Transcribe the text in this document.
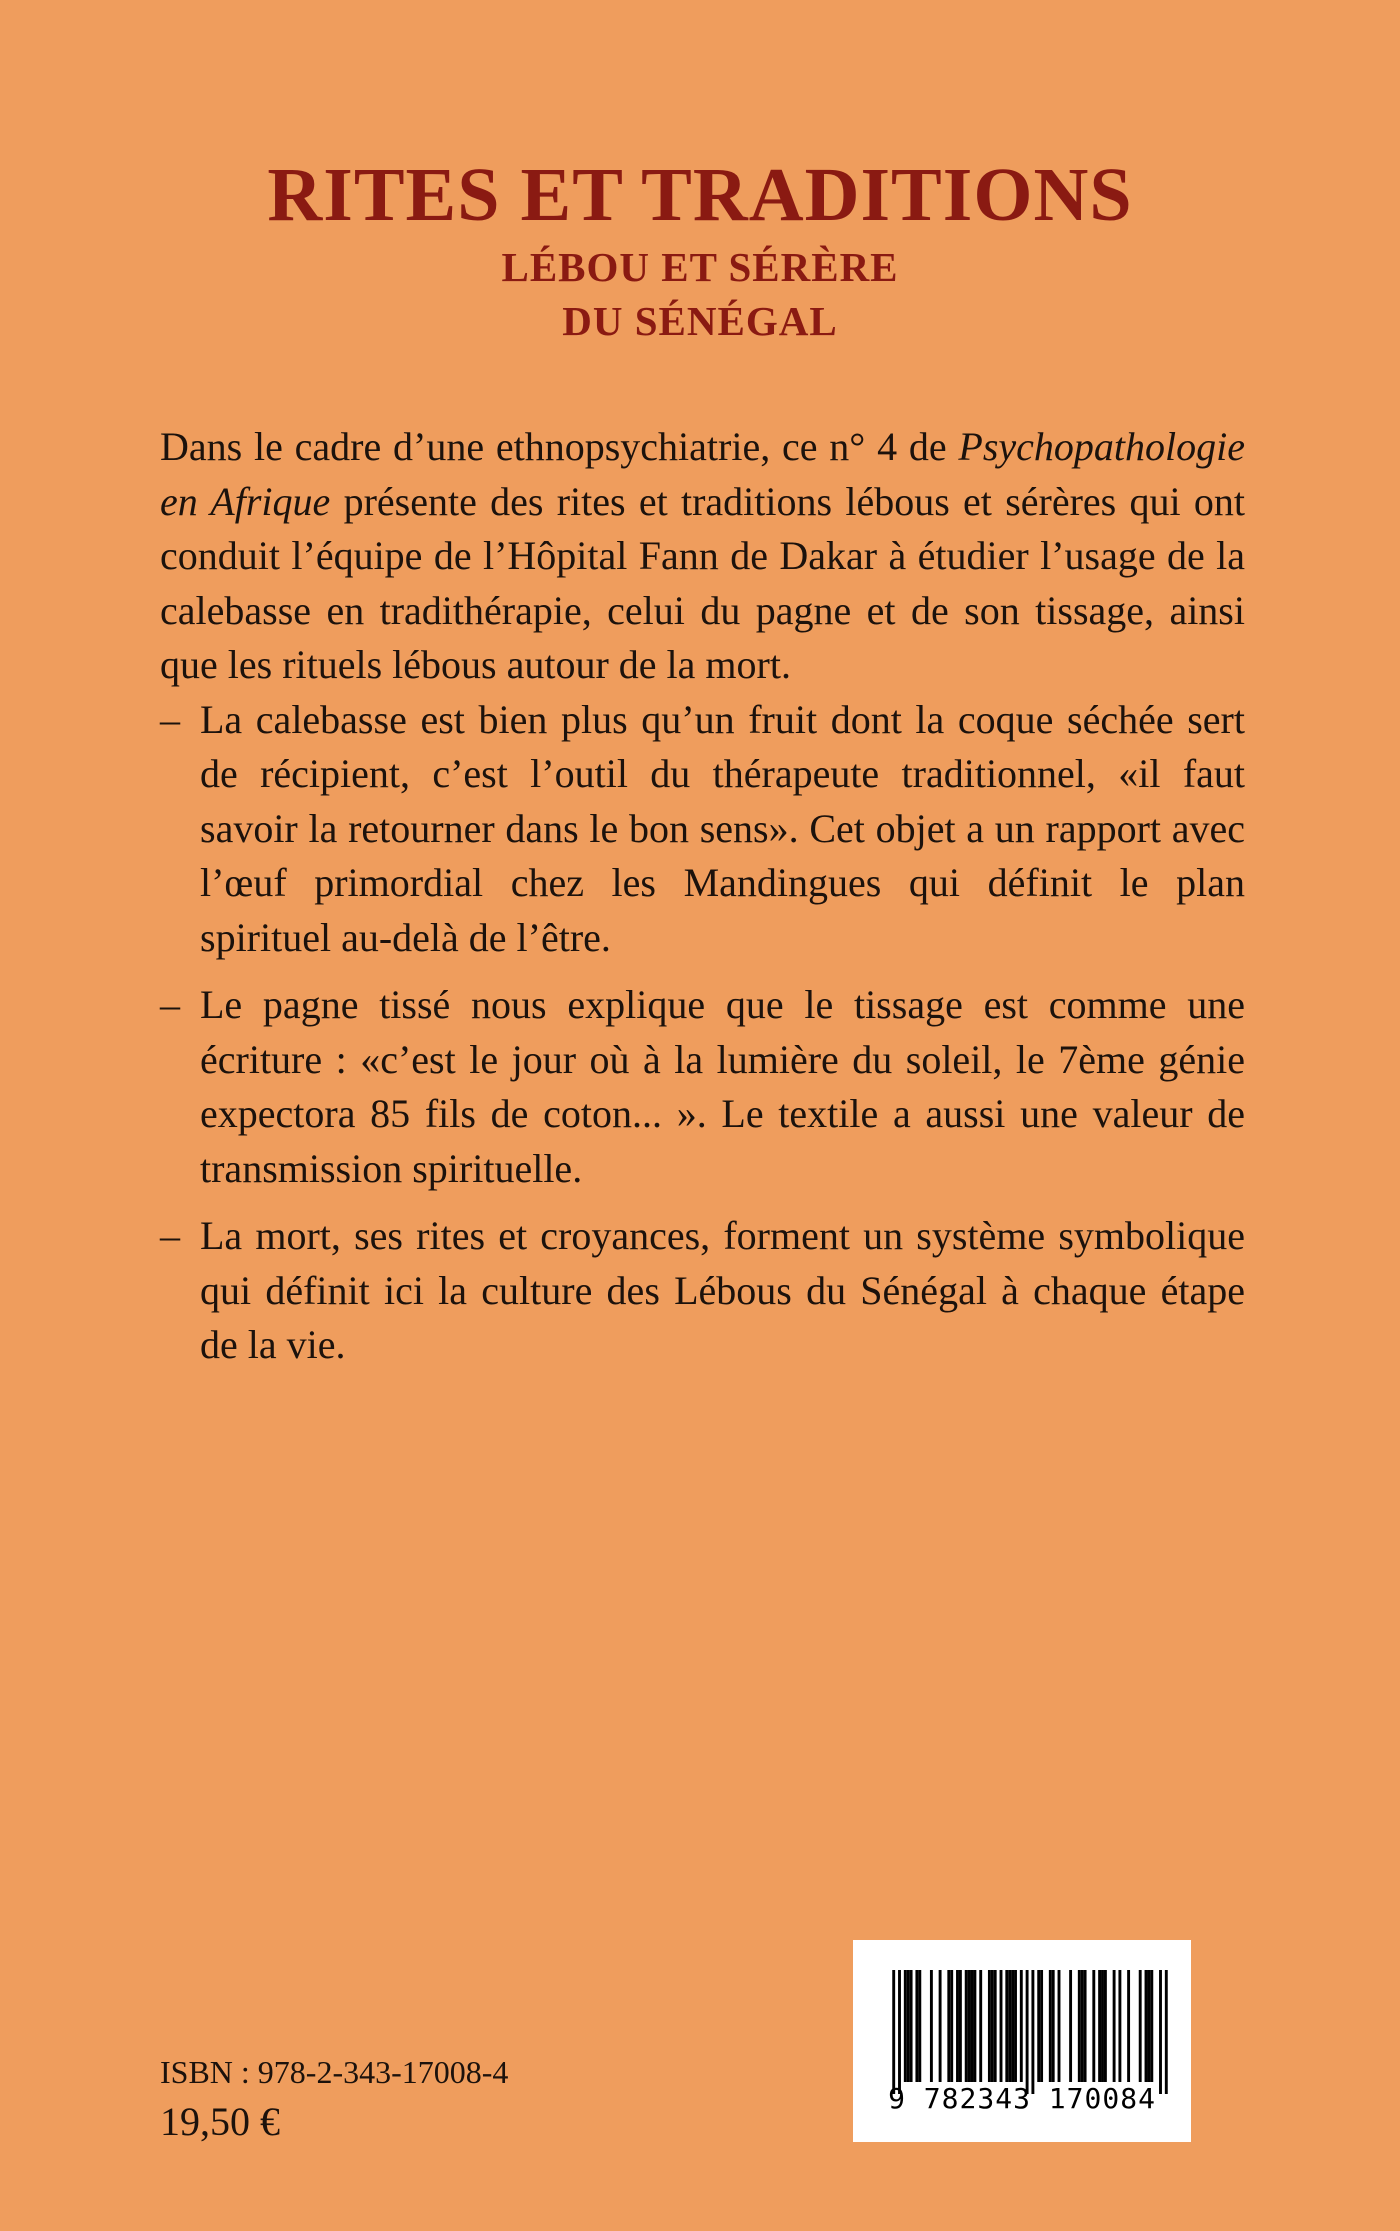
RITES ET TRADITIONS
LÉBOU ET SÉRÈRE
DU SÉNÉGAL

Dans le cadre d’une ethnopsychiatrie, ce n° 4 de Psychopathologie en Afrique présente des rites et traditions lébous et sérères qui ont conduit l’équipe de l’Hôpital Fann de Dakar à étudier l’usage de la calebasse en tradithérapie, celui du pagne et de son tissage, ainsi que les rituels lébous autour de la mort.

– La calebasse est bien plus qu’un fruit dont la coque séchée sert de récipient, c’est l’outil du thérapeute traditionnel, «il faut savoir la retourner dans le bon sens». Cet objet a un rapport avec l’œuf primordial chez les Mandingues qui définit le plan spirituel au-delà de l’être.
– Le pagne tissé nous explique que le tissage est comme une écriture : «c’est le jour où à la lumière du soleil, le 7ème génie expectora 85 fils de coton... ». Le textile a aussi une valeur de transmission spirituelle.
– La mort, ses rites et croyances, forment un système symbolique qui définit ici la culture des Lébous du Sénégal à chaque étape de la vie.
ISBN : 978-2-343-17008-4
19,50 €
9 782343 170084
